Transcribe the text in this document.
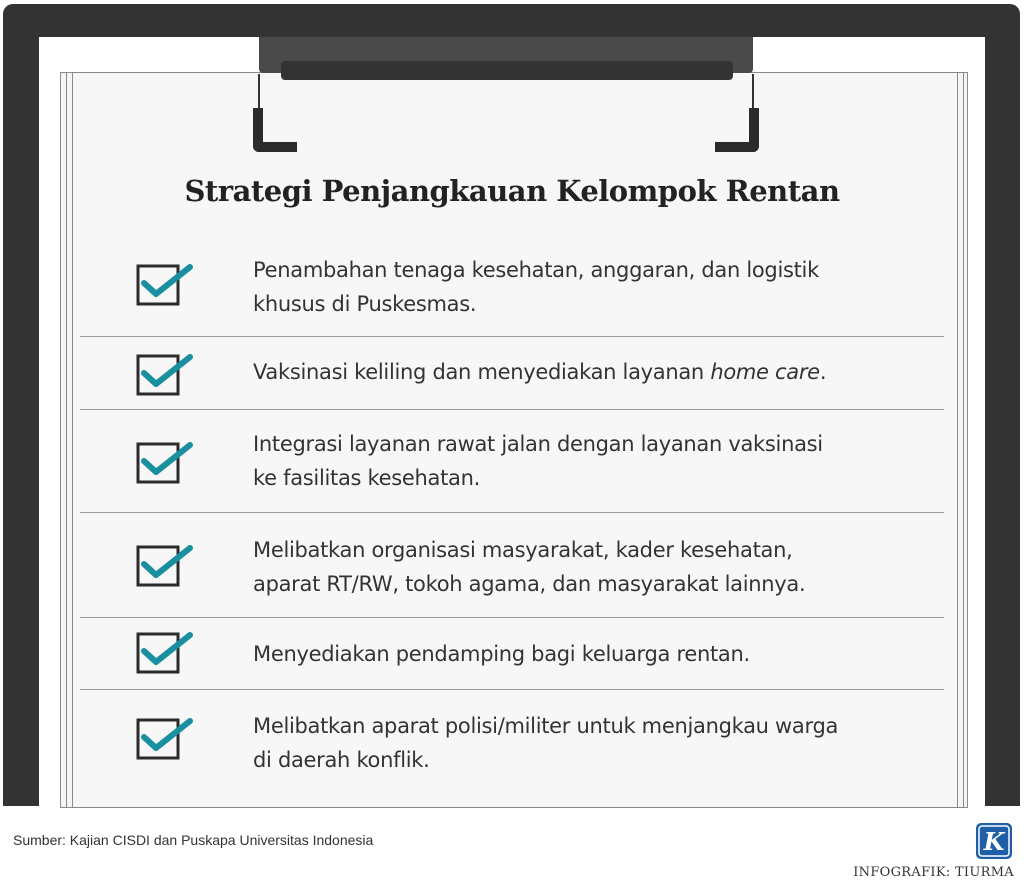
Strategi Penjangkauan Kelompok Rentan
Penambahan tenaga kesehatan, anggaran, dan logistik
khusus di Puskesmas.
Vaksinasi keliling dan menyediakan layanan home care.
Integrasi layanan rawat jalan dengan layanan vaksinasi
ke fasilitas kesehatan.
Melibatkan organisasi masyarakat, kader kesehatan,
aparat RT/RW, tokoh agama, dan masyarakat lainnya.
Menyediakan pendamping bagi keluarga rentan.
Melibatkan aparat polisi/militer untuk menjangkau warga
di daerah konflik.
Sumber: Kajian CISDI dan Puskapa Universitas Indonesia	K
INFOGRAFIK: TIURMA
